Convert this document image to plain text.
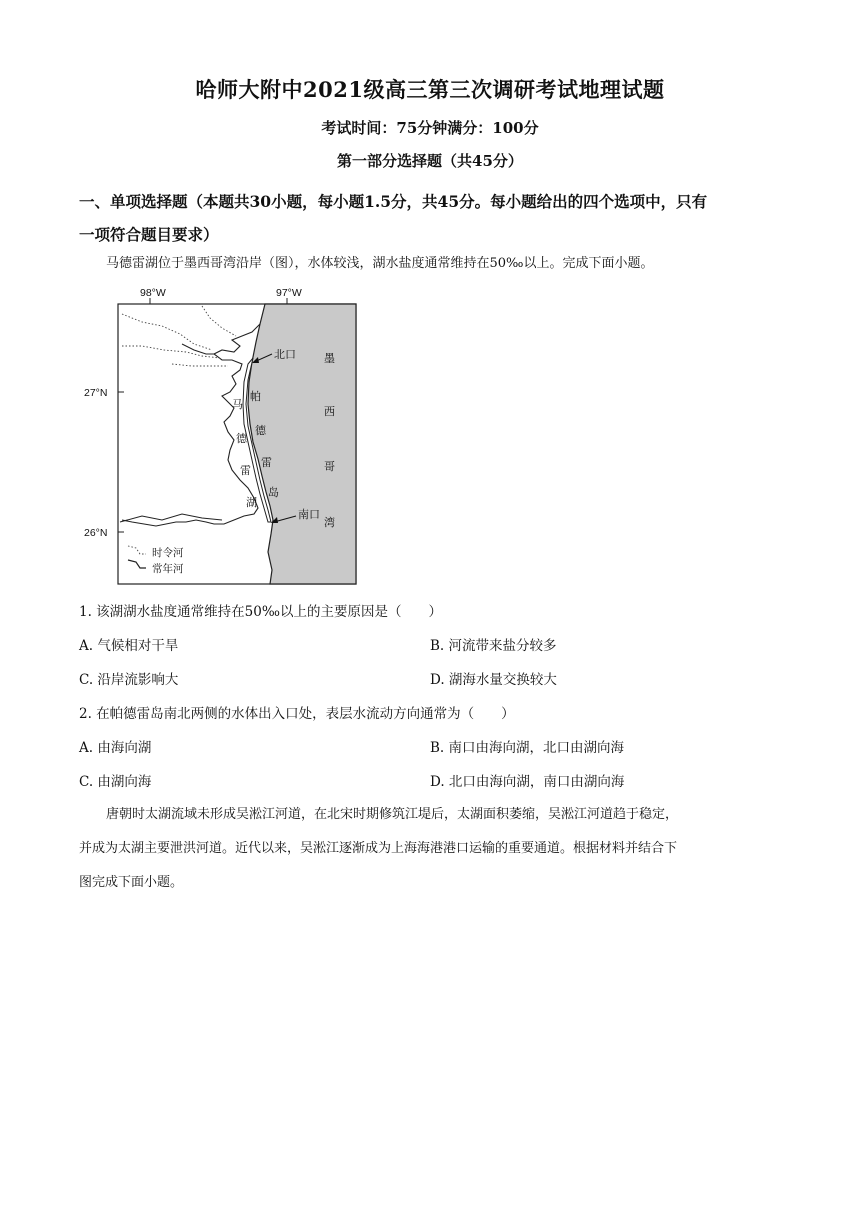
哈师大附中2021级高三第三次调研考试地理试题
考试时间：75分钟满分：100分
第一部分选择题（共45分）
一、单项选择题（本题共30小题，每小题1.5分，共45分。每小题给出的四个选项中，只有
一项符合题目要求）
马德雷湖位于墨西哥湾沿岸（图），水体较浅，湖水盐度通常维持在50‰以上。完成下面小题。
98°W	97°W
27°N
26°N
马
德
雷
湖
帕
德
雷
岛
墨
西
哥
湾
北口
南口
时令河
常年河
1. 该湖湖水盐度通常维持在50‰以上的主要原因是（　　）
A. 气候相对干旱	B. 河流带来盐分较多
C. 沿岸流影响大	D. 湖海水量交换较大
2. 在帕德雷岛南北两侧的水体出入口处，表层水流动方向通常为（　　）
A. 由海向湖	B. 南口由海向湖，北口由湖向海
C. 由湖向海	D. 北口由海向湖，南口由湖向海
唐朝时太湖流域未形成吴淞江河道，在北宋时期修筑江堤后，太湖面积萎缩，吴淞江河道趋于稳定，
并成为太湖主要泄洪河道。近代以来，吴淞江逐渐成为上海海港港口运输的重要通道。根据材料并结合下
图完成下面小题。
